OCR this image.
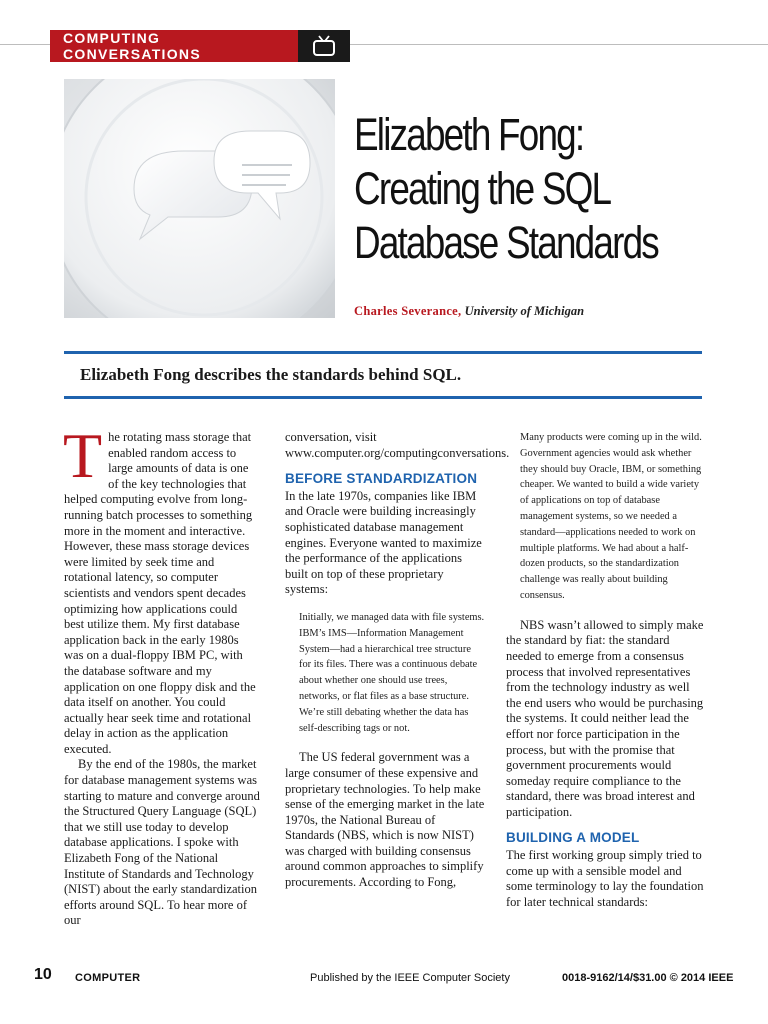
COMPUTING CONVERSATIONS
Elizabeth Fong:
Creating the SQL
Database Standards
Charles Severance, University of Michigan
Elizabeth Fong describes the standards behind SQL.
T he rotating mass storage that enabled random access to large amounts of data is one of the key technologies that helped computing evolve from long-running batch processes to something more in the moment and interactive. However, these mass storage devices were limited by seek time and rotational latency, so computer scientists and vendors spent decades optimizing how applications could best utilize them. My first database application back in the early 1980s was on a dual-floppy IBM PC, with the database software and my application on one floppy disk and the data itself on another. You could actually hear seek time and rotational delay in action as the application executed.

By the end of the 1980s, the market for database management systems was starting to mature and converge around the Structured Query Language (SQL) that we still use today to develop database applications. I spoke with Elizabeth Fong of the National Institute of Standards and Technology (NIST) about the early standardization efforts around SQL. To hear more of our

conversation, visit www.computer.org/computingconversations.

BEFORE STANDARDIZATION

In the late 1970s, companies like IBM and Oracle were building increasingly sophisticated database management engines. Everyone wanted to maximize the performance of the applications built on top of these proprietary systems:

Initially, we managed data with file systems. IBM’s IMS—Information Management System—had a hierarchical tree structure for its files. There was a continuous debate about whether one should use trees, networks, or flat files as a base structure. We’re still debating whether the data has self-describing tags or not.

The US federal government was a large consumer of these expensive and proprietary technologies. To help make sense of the emerging market in the late 1970s, the National Bureau of Standards (NBS, which is now NIST) was charged with building consensus around common approaches to simplify procurements. According to Fong,

Many products were coming up in the wild. Government agencies would ask whether they should buy Oracle, IBM, or something cheaper. We wanted to build a wide variety of applications on top of database management systems, so we needed a standard—applications needed to work on multiple platforms. We had about a half-dozen products, so the standardization challenge was really about building consensus.

NBS wasn’t allowed to simply make the standard by fiat: the standard needed to emerge from a consensus process that involved representatives from the technology industry as well the end users who would be purchasing the systems. It could neither lead the effort nor force participation in the process, but with the promise that government procurements would someday require compliance to the standard, there was broad interest and participation.

BUILDING A MODEL

The first working group simply tried to come up with a sensible model and some terminology to lay the foundation for later technical standards:

10 COMPUTER	Published by the IEEE Computer Society	0018-9162/14/$31.00 © 2014 IEEE
